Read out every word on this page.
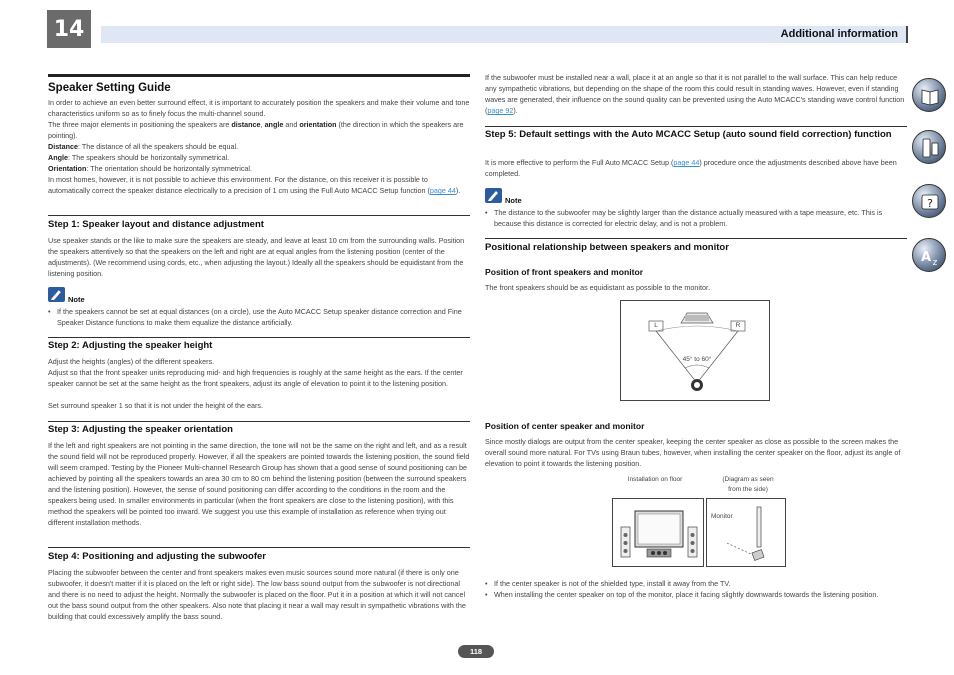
14	Additional information
Speaker Setting Guide
In order to achieve an even better surround effect, it is important to accurately position the speakers and make their volume and tone characteristics uniform so as to finely focus the multi-channel sound.
The three major elements in positioning the speakers are distance, angle and orientation (the direction in which the speakers are pointing).
Distance: The distance of all the speakers should be equal.
Angle: The speakers should be horizontally symmetrical.
Orientation: The orientation should be horizontally symmetrical.
In most homes, however, it is not possible to achieve this environment. For the distance, on this receiver it is possible to automatically correct the speaker distance electrically to a precision of 1 cm using the Full Auto MCACC Setup function (page 44).
Step 1: Speaker layout and distance adjustment
Use speaker stands or the like to make sure the speakers are steady, and leave at least 10 cm from the surrounding walls. Position the speakers attentively so that the speakers on the left and right are at equal angles from the listening position (center of the adjustments). (We recommend using cords, etc., when adjusting the layout.) Ideally all the speakers should be equidistant from the listening position.
Note
• If the speakers cannot be set at equal distances (on a circle), use the Auto MCACC Setup speaker distance correction and Fine Speaker Distance functions to make them equalize the distance artificially.
Step 2: Adjusting the speaker height
Adjust the heights (angles) of the different speakers.
Adjust so that the front speaker units reproducing mid- and high frequencies is roughly at the same height as the ears. If the center speaker cannot be set at the same height as the front speakers, adjust its angle of elevation to point it to the listening position.
Set surround speaker 1 so that it is not under the height of the ears.
Step 3: Adjusting the speaker orientation
If the left and right speakers are not pointing in the same direction, the tone will not be the same on the right and left, and as a result the sound field will not be reproduced properly. However, if all the speakers are pointed towards the listening position, the sound field will seem cramped. Testing by the Pioneer Multi-channel Research Group has shown that a good sense of sound positioning can be achieved by pointing all the speakers towards an area 30 cm to 80 cm behind the listening position (between the surround speakers and the listening position). However, the sense of sound positioning can differ according to the conditions in the room and the speakers being used. In smaller environments in particular (when the front speakers are close to the listening position), with this method the speakers will be pointed too inward. We suggest you use this example of installation as reference when trying out different installation methods.
Step 4: Positioning and adjusting the subwoofer
Placing the subwoofer between the center and front speakers makes even music sources sound more natural (if there is only one subwoofer, it doesn't matter if it is placed on the left or right side). The low bass sound output from the subwoofer is not directional and there is no need to adjust the height. Normally the subwoofer is placed on the floor. Put it in a position at which it will not cancel out the bass sound output from the other speakers. Also note that placing it near a wall may result in sympathetic vibrations with the building that could excessively amplify the bass sound.
If the subwoofer must be installed near a wall, place it at an angle so that it is not parallel to the wall surface. This can help reduce any sympathetic vibrations, but depending on the shape of the room this could result in standing waves. However, even if standing waves are generated, their influence on the sound quality can be prevented using the Auto MCACC's standing wave control function (page 92).
Step 5: Default settings with the Auto MCACC Setup (auto sound field correction) function
It is more effective to perform the Full Auto MCACC Setup (page 44) procedure once the adjustments described above have been completed.
Note
• The distance to the subwoofer may be slightly larger than the distance actually measured with a tape measure, etc. This is because this distance is corrected for electric delay, and is not a problem.
Positional relationship between speakers and monitor
Position of front speakers and monitor
The front speakers should be as equidistant as possible to the monitor.
L	R
45° to 60°
Position of center speaker and monitor
Since mostly dialogs are output from the center speaker, keeping the center speaker as close as possible to the screen makes the overall sound more natural. For TVs using Braun tubes, however, when installing the center speaker on the floor, adjust its angle of elevation to point it towards the listening position.
Installation on floor	(Diagram as seen
from the side)
Monitor
• If the center speaker is not of the shielded type, install it away from the TV.
• When installing the center speaker on top of the monitor, place it facing slightly downwards towards the listening position.
?
A z
118
